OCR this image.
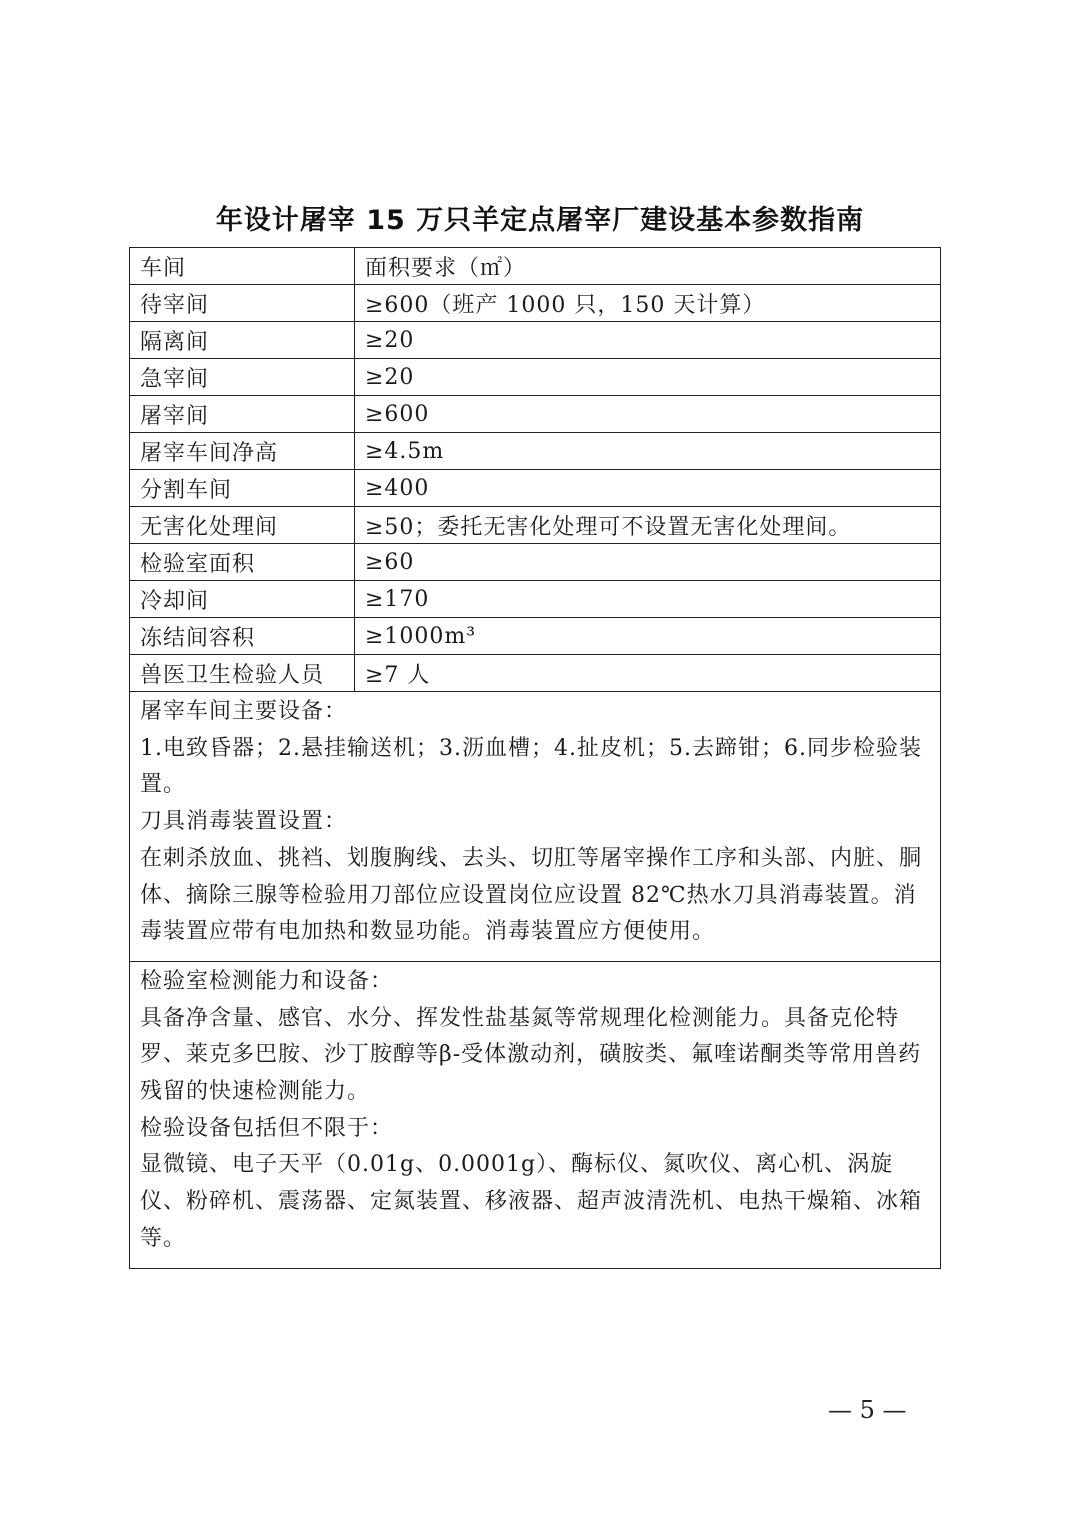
年设计屠宰 15 万只羊定点屠宰厂建设基本参数指南
车间	面积要求（㎡）
待宰间	≥600（班产 1000 只，150 天计算）
隔离间	≥20
急宰间	≥20
屠宰间	≥600
屠宰车间净高	≥4.5m
分割车间	≥400
无害化处理间	≥50；委托无害化处理可不设置无害化处理间。
检验室面积	≥60
冷却间	≥170
冻结间容积	≥1000m³
兽医卫生检验人员	≥7 人

屠宰车间主要设备：
1.电致昏器；2.悬挂输送机；3.沥血槽；4.扯皮机；5.去蹄钳；6.同步检验装置。
刀具消毒装置设置：
在刺杀放血、挑裆、划腹胸线、去头、切肛等屠宰操作工序和头部、内脏、胴体、摘除三腺等检验用刀部位应设置岗位应设置 82℃热水刀具消毒装置。消毒装置应带有电加热和数显功能。消毒装置应方便使用。	

检验室检测能力和设备：
具备净含量、感官、水分、挥发性盐基氮等常规理化检测能力。具备克伦特罗、莱克多巴胺、沙丁胺醇等β-受体激动剂，磺胺类、氟喹诺酮类等常用兽药残留的快速检测能力。
检验设备包括但不限于：
显微镜、电子天平（0.01g、0.0001g）、酶标仪、氮吹仪、离心机、涡旋仪、粉碎机、震荡器、定氮装置、移液器、超声波清洗机、电热干燥箱、冰箱等。	
— 5 —
